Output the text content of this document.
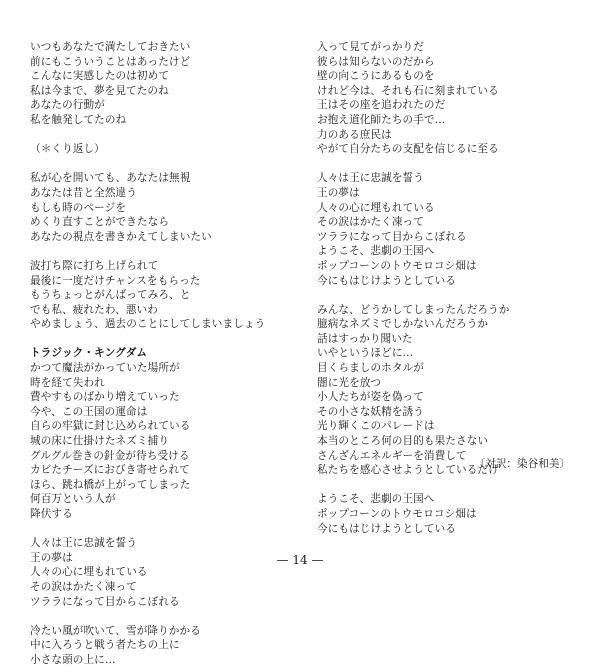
いつもあなたで満たしておきたい
前にもこういうことはあったけど
こんなに実感したのは初めて
私は今まで、夢を見てたのね
あなたの行動が
私を触発してたのね
（＊くり返し）
私が心を開いても、あなたは無視
あなたは昔と全然違う
もしも時のページを
めくり直すことができたなら
あなたの視点を書きかえてしまいたい
波打ち際に打ち上げられて
最後に一度だけチャンスをもらった
もうちょっとがんばってみろ、と
でも私、疲れたわ、悪いわ
やめましょう、過去のことにしてしまいましょう
トラジック・キングダム
かつて魔法がかっていた場所が
時を経て失われ
費やすものばかり増えていった
今や、この王国の運命は
自らの牢獄に封じ込められている
城の床に仕掛けたネズミ捕り
グルグル巻きの針金が待ち受ける
カビたチーズにおびき寄せられて
ほら、跳ね橋が上がってしまった
何百万という人が
降伏する
人々は王に忠誠を誓う
王の夢は
人々の心に埋もれている
その涙はかたく凍って
ツララになって目からこぼれる
冷たい風が吹いて、雪が降りかかる
中に入ろうと戦う者たちの上に
小さな頭の上に…
入って見てがっかりだ
彼らは知らないのだから
壁の向こうにあるものを
けれど今は、それも石に刻まれている
王はその座を追われたのだ
お抱え道化師たちの手で…
力のある庶民は
やがて自分たちの支配を信じるに至る
人々は王に忠誠を誓う
王の夢は
人々の心に埋もれている
その涙はかたく凍って
ツララになって目からこぼれる
ようこそ、悲劇の王国へ
ポップコーンのトウモロコシ畑は
今にもはじけようとしている
みんな、どうかしてしまったんだろうか
臆病なネズミでしかないんだろうか
話はすっかり聞いた
いやというほどに…
目くらましのホタルが
闇に光を放つ
小人たちが姿を偽って
その小さな妖精を誘う
光り輝くこのパレードは
本当のところ何の目的も果たさない
さんざんエネルギーを消費して
私たちを感心させようとしているだけ
ようこそ、悲劇の王国へ
ポップコーンのトウモロコシ畑は
今にもはじけようとしている
〔対訳：染谷和美〕
— 14 —
